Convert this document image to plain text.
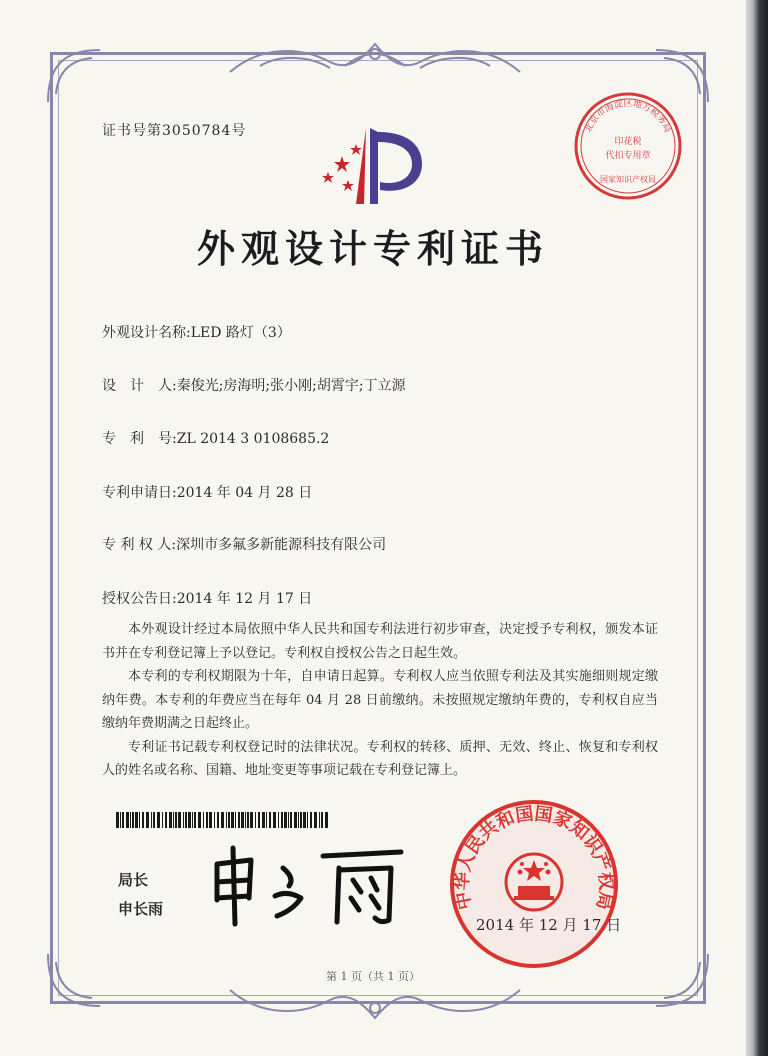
证书号第3050784号
外观设计专利证书
外观设计名称:LED 路灯（3）
设　计　人:秦俊光;房海明;张小刚;胡霄宇;丁立源
专　利　号:ZL 2014 3 0108685.2
专利申请日:2014 年 04 月 28 日
专 利 权 人:深圳市多氟多新能源科技有限公司
授权公告日:2014 年 12 月 17 日

本外观设计经过本局依照中华人民共和国专利法进行初步审查，决定授予专利权，颁发本证书并在专利登记簿上予以登记。专利权自授权公告之日起生效。

本专利的专利权期限为十年，自申请日起算。专利权人应当依照专利法及其实施细则规定缴纳年费。本专利的年费应当在每年 04 月 28 日前缴纳。未按照规定缴纳年费的，专利权自应当缴纳年费期满之日起终止。

专利证书记载专利权登记时的法律状况。专利权的转移、质押、无效、终止、恢复和专利权人的姓名或名称、国籍、地址变更等事项记载在专利登记簿上。

局长
申长雨
北京市海淀区地方税务局
印花税
代扣专用章
国家知识产权局
中华人民共和国国家知识产权局
2014 年 12 月 17 日
第 1 页（共 1 页）
